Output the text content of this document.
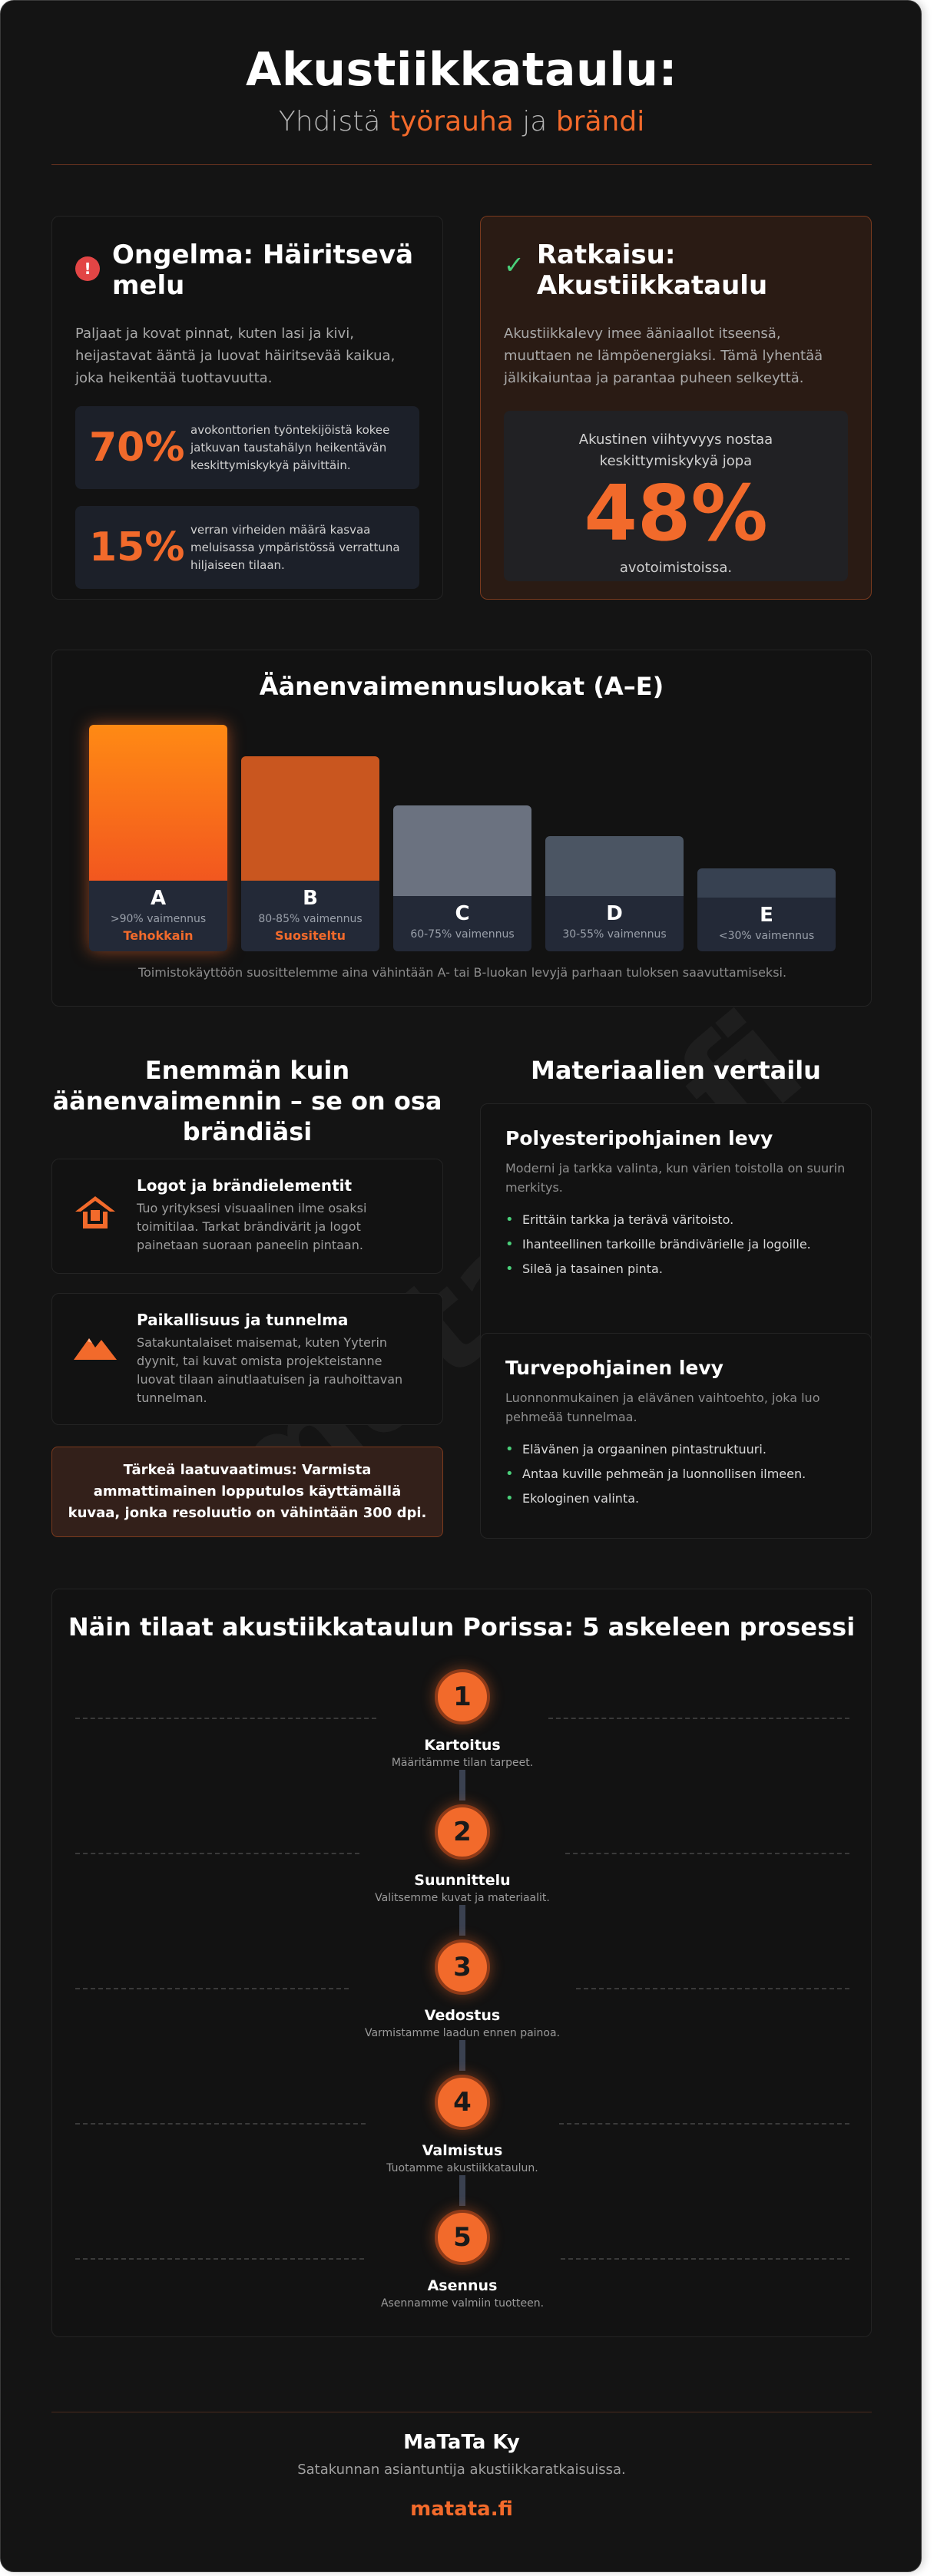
Akustiikkataulu:
Yhdistä työrauha ja brändi
! Ongelma: Häiritsevä melu

Paljaat ja kovat pinnat, kuten lasi ja kivi, heijastavat ääntä ja luovat häiritsevää kaikua, joka heikentää tuottavuutta.

70% avokonttorien työntekijöistä kokee jatkuvan taustahälyn heikentävän keskittymiskykyä päivittäin.
15% verran virheiden määrä kasvaa meluisassa ympäristössä verrattuna hiljaiseen tilaan.
✓ Ratkaisu: Akustiikkataulu

Akustiikkalevy imee ääniaallot itseensä, muuttaen ne lämpöenergiaksi. Tämä lyhentää jälkikaiuntaa ja parantaa puheen selkeyttä.

Akustinen viihtyvyys nostaa keskittymiskykyä jopa
48%
avotoimistoissa.
Äänenvaimennusluokat (A–E)
A
>90% vaimennus
Tehokkain
B
80-85% vaimennus
Suositeltu
C
60-75% vaimennus
D
30-55% vaimennus
E
<30% vaimennus
Toimistokäyttöön suosittelemme aina vähintään A- tai B-luokan levyjä parhaan tuloksen saavuttamiseksi.
Enemmän kuin äänenvaimennin – se on osa brändiäsi
Logot ja brändielementit

Tuo yrityksesi visuaalinen ilme osaksi toimitilaa. Tarkat brändivärit ja logot painetaan suoraan paneelin pintaan.

Paikallisuus ja tunnelma

Satakuntalaiset maisemat, kuten Yyterin dyynit, tai kuvat omista projekteistanne luovat tilaan ainutlaatuisen ja rauhoittavan tunnelman.

Tärkeä laatuvaatimus: Varmista ammattimainen lopputulos käyttämällä kuvaa, jonka resoluutio on vähintään 300 dpi.
Materiaalien vertailu
Polyesteripohjainen levy

Moderni ja tarkka valinta, kun värien toistolla on suurin merkitys.

• Erittäin tarkka ja terävä väritoisto.
• Ihanteellinen tarkoille brändivärielle ja logoille.
• Sileä ja tasainen pinta.
Turvepohjainen levy

Luonnonmukainen ja elävänen vaihtoehto, joka luo pehmeää tunnelmaa.

• Elävänen ja orgaaninen pintastruktuuri.
• Antaa kuville pehmeän ja luonnollisen ilmeen.
• Ekologinen valinta.
Näin tilaat akustiikkataulun Porissa: 5 askeleen prosessi
1
Kartoitus
Määritämme tilan tarpeet.
2
Suunnittelu
Valitsemme kuvat ja materiaalit.
3
Vedostus
Varmistamme laadun ennen painoa.
4
Valmistus
Tuotamme akustiikkataulun.
5
Asennus
Asennamme valmiin tuotteen.
MaTaTa Ky
Satakunnan asiantuntija akustiikkaratkaisuissa.
matata.fi
